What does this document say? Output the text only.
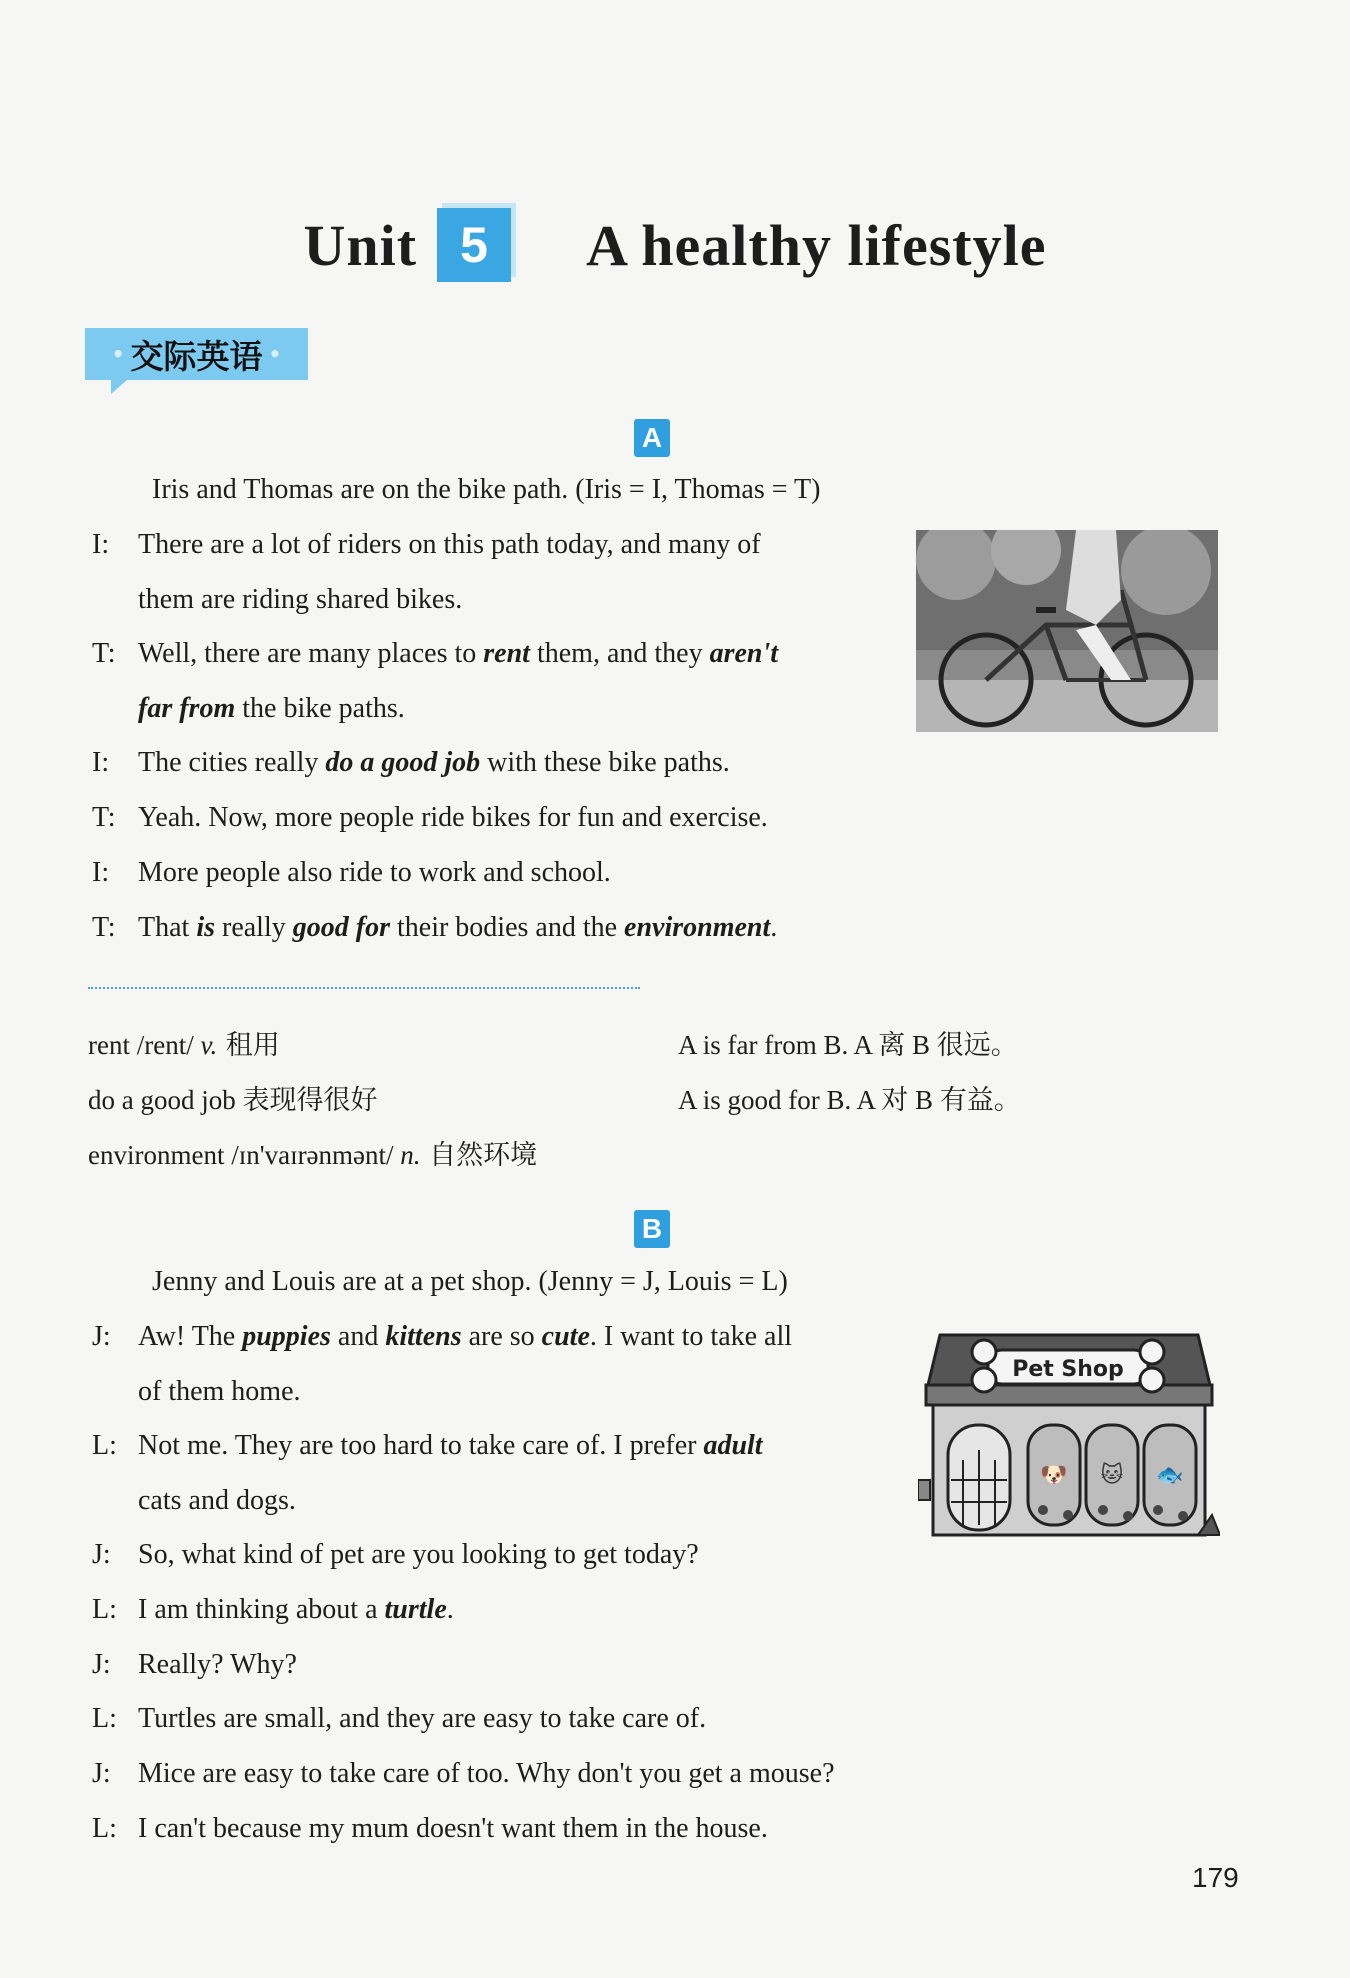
Unit 5	A healthy lifestyle
• 交际英语 •
A
Iris and Thomas are on the bike path. (Iris = I, Thomas = T)
I: There are a lot of riders on this path today, and many of
them are riding shared bikes.
T: Well, there are many places to rent them, and they aren't
far from the bike paths.
I: The cities really do a good job with these bike paths.
T: Yeah. Now, more people ride bikes for fun and exercise.
I: More people also ride to work and school.
T: That is really good for their bodies and the environment.
rent /rent/ v. 租用
do a good job 表现得很好
environment /ɪn'vaɪrənmənt/ n. 自然环境
A is far from B. A 离 B 很远。
A is good for B. A 对 B 有益。
B
Jenny and Louis are at a pet shop. (Jenny = J, Louis = L)
J: Aw! The puppies and kittens are so cute. I want to take all
of them home.
L: Not me. They are too hard to take care of. I prefer adult
cats and dogs.
J: So, what kind of pet are you looking to get today?
L: I am thinking about a turtle.
J: Really? Why?
L: Turtles are small, and they are easy to take care of.
J: Mice are easy to take care of too. Why don't you get a mouse?
L: I can't because my mum doesn't want them in the house.
Pet Shop
🐶 🐱 🐟
179
